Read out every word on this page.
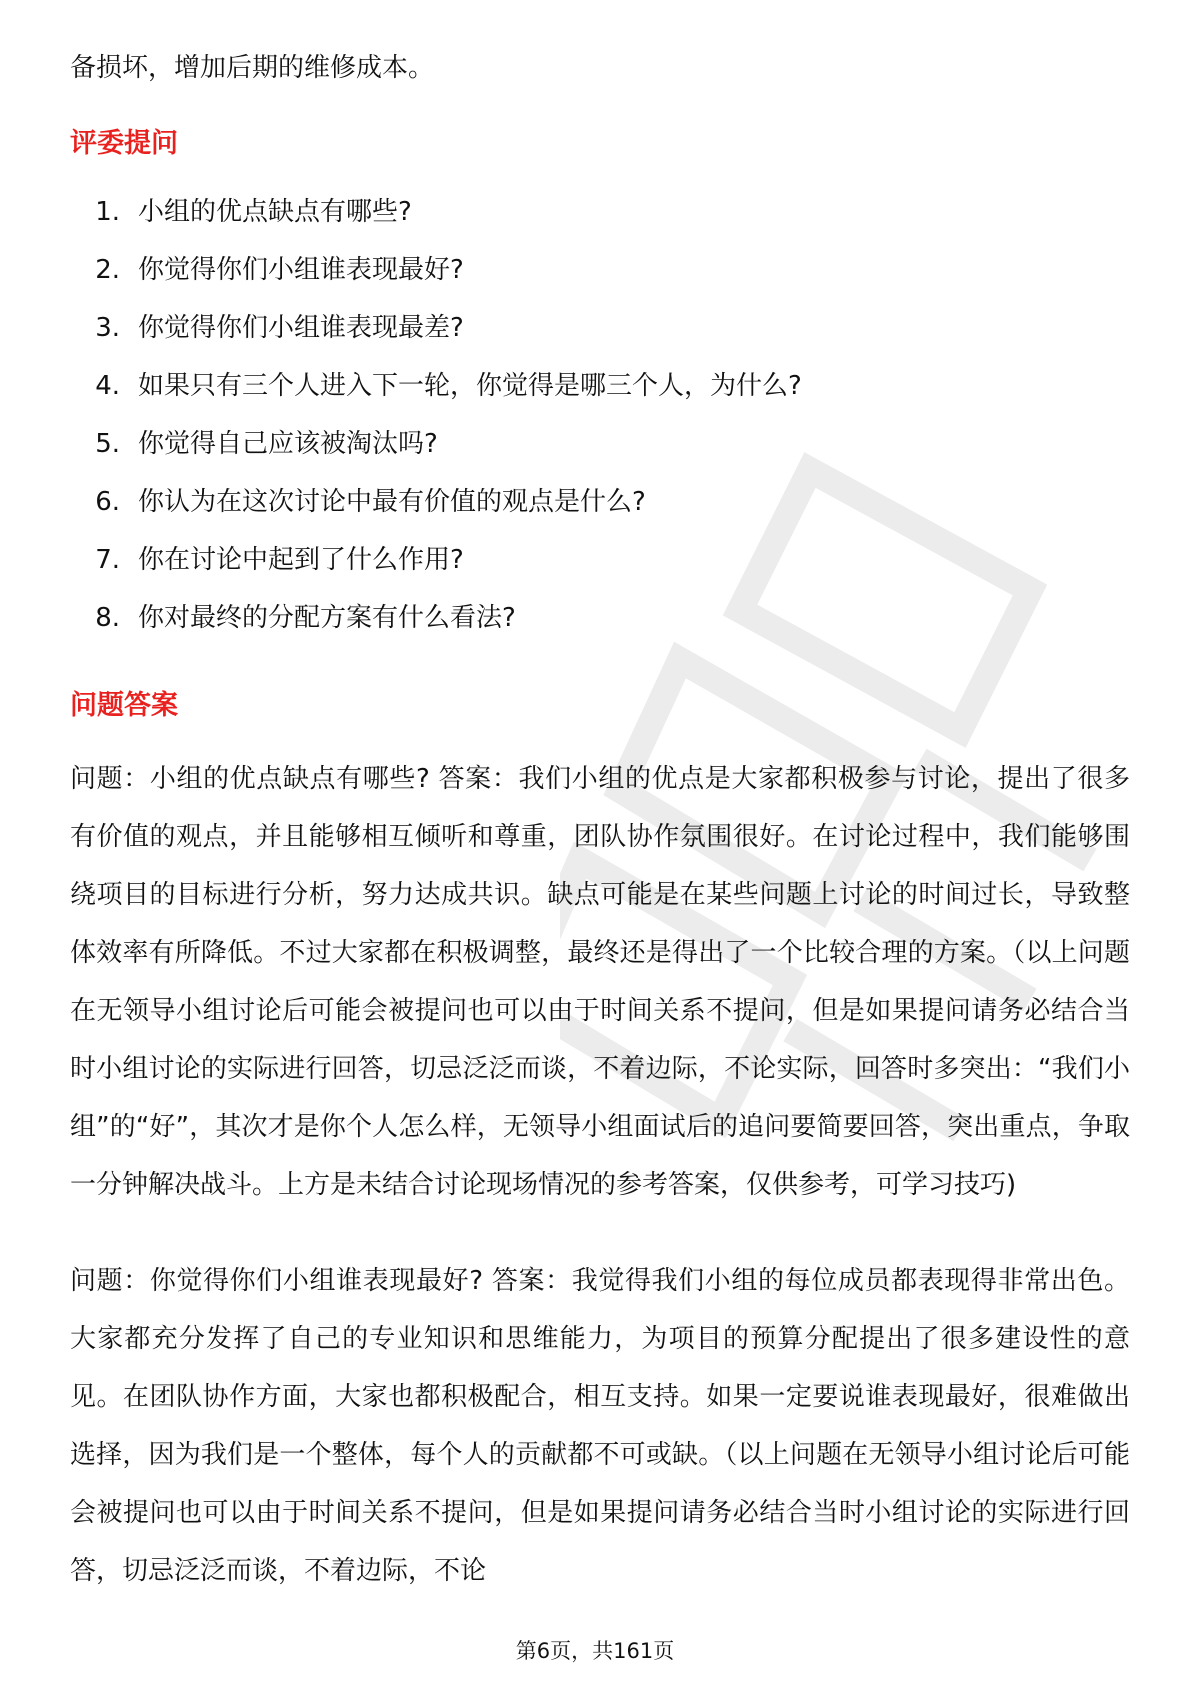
备损坏，增加后期的维修成本。

评委提问
1. 小组的优点缺点有哪些?
2. 你觉得你们小组谁表现最好?
3. 你觉得你们小组谁表现最差?
4. 如果只有三个人进入下一轮，你觉得是哪三个人，为什么?
5. 你觉得自己应该被淘汰吗?
6. 你认为在这次讨论中最有价值的观点是什么?
7. 你在讨论中起到了什么作用?
8. 你对最终的分配方案有什么看法?
问题答案

问题：小组的优点缺点有哪些? 答案：我们小组的优点是大家都积极参与讨论，提出了很多有价值的观点，并且能够相互倾听和尊重，团队协作氛围很好。在讨论过程中，我们能够围绕项目的目标进行分析，努力达成共识。缺点可能是在某些问题上讨论的时间过长，导致整体效率有所降低。不过大家都在积极调整，最终还是得出了一个比较合理的方案。（以上问题在无领导小组讨论后可能会被提问也可以由于时间关系不提问，但是如果提问请务必结合当时小组讨论的实际进行回答，切忌泛泛而谈，不着边际，不论实际，回答时多突出：“我们小组”的“好”，其次才是你个人怎么样，无领导小组面试后的追问要简要回答，突出重点，争取一分钟解决战斗。上方是未结合讨论现场情况的参考答案，仅供参考，可学习技巧)

问题：你觉得你们小组谁表现最好? 答案：我觉得我们小组的每位成员都表现得非常出色。大家都充分发挥了自己的专业知识和思维能力，为项目的预算分配提出了很多建设性的意见。在团队协作方面，大家也都积极配合，相互支持。如果一定要说谁表现最好，很难做出选择，因为我们是一个整体，每个人的贡献都不可或缺。（以上问题在无领导小组讨论后可能会被提问也可以由于时间关系不提问，但是如果提问请务必结合当时小组讨论的实际进行回答，切忌泛泛而谈，不着边际，不论

第6页，共161页
